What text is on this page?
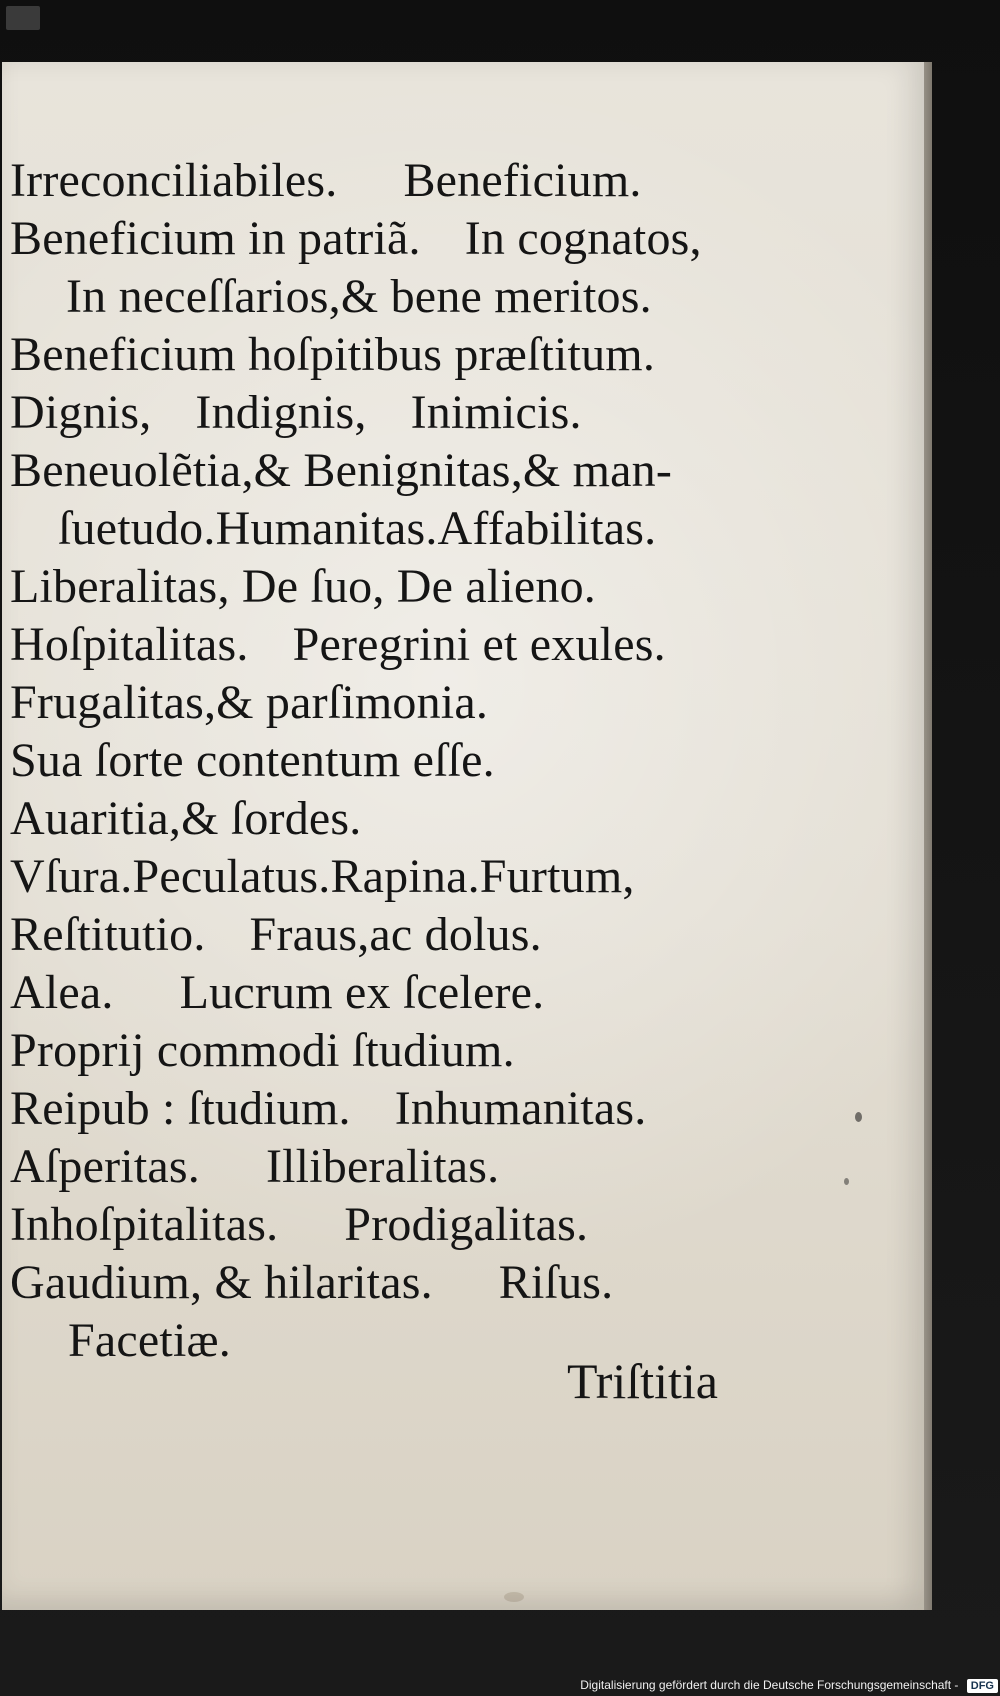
Irreconciliabiles. Beneficium.
Beneficium in patriã. In cognatos,
In neceſſarios,& bene meritos.
Beneficium hoſpitibus præſtitum.
Dignis, Indignis, Inimicis.
Beneuolẽtia,& Benignitas,& man‑
ſuetudo.Humanitas.Affabilitas.
Liberalitas, De ſuo, De alieno.
Hoſpitalitas. Peregrini et exules.
Frugalitas,& parſimonia.
Sua ſorte contentum eſſe.
Auaritia,& ſordes.
Vſura.Peculatus.Rapina.Furtum,
Reſtitutio. Fraus,ac dolus.
Alea. Lucrum ex ſcelere.
Proprij commodi ſtudium.
Reipub : ſtudium. Inhumanitas.
Aſperitas. Illiberalitas.
Inhoſpitalitas. Prodigalitas.
Gaudium, & hilaritas. Riſus.
Facetiæ.
Triſtitia
Digitalisierung gefördert durch die Deutsche Forschungsgemeinschaft - DFG
